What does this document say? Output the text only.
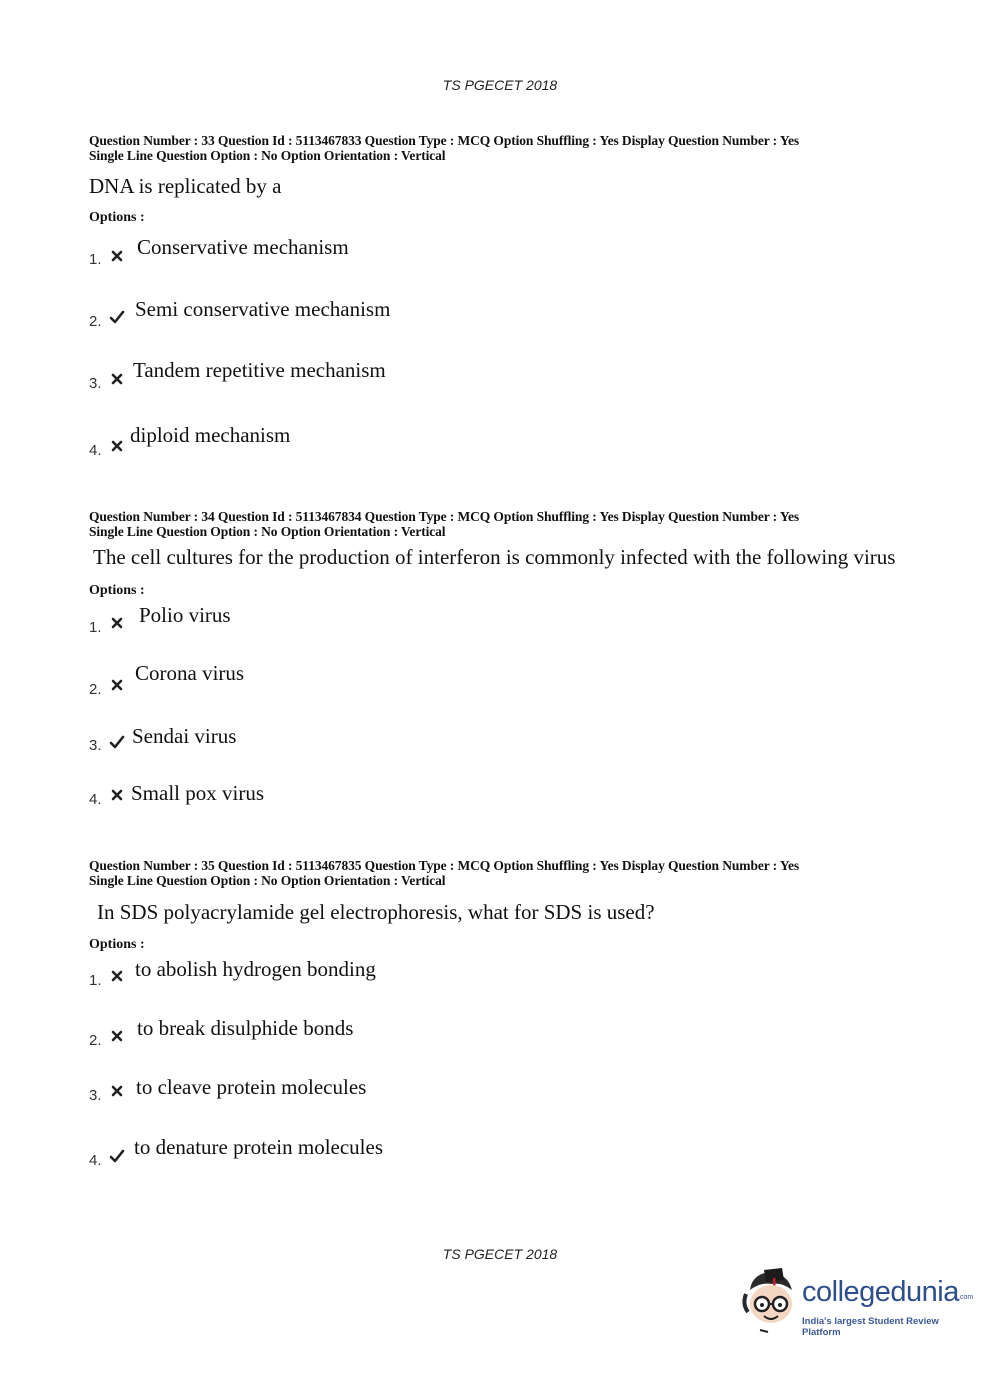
TS PGECET 2018
Question Number : 33 Question Id : 5113467833 Question Type : MCQ Option Shuffling : Yes Display Question Number : Yes
Single Line Question Option : No Option Orientation : Vertical
DNA is replicated by a
Options :
1.
Conservative mechanism
2.
Semi conservative mechanism
3.
Tandem repetitive mechanism
4.
diploid mechanism
Question Number : 34 Question Id : 5113467834 Question Type : MCQ Option Shuffling : Yes Display Question Number : Yes
Single Line Question Option : No Option Orientation : Vertical
The cell cultures for the production of interferon is commonly infected with the following virus
Options :
1.
Polio virus
2.
Corona virus
3. Sendai virus
4. Small pox virus
Question Number : 35 Question Id : 5113467835 Question Type : MCQ Option Shuffling : Yes Display Question Number : Yes
Single Line Question Option : No Option Orientation : Vertical
In SDS polyacrylamide gel electrophoresis, what for SDS is used?
Options :
1. to abolish hydrogen bonding
2.
to break disulphide bonds
3. to cleave protein molecules
4.
to denature protein molecules
TS PGECET 2018
collegedunia .com
India's largest Student Review Platform
